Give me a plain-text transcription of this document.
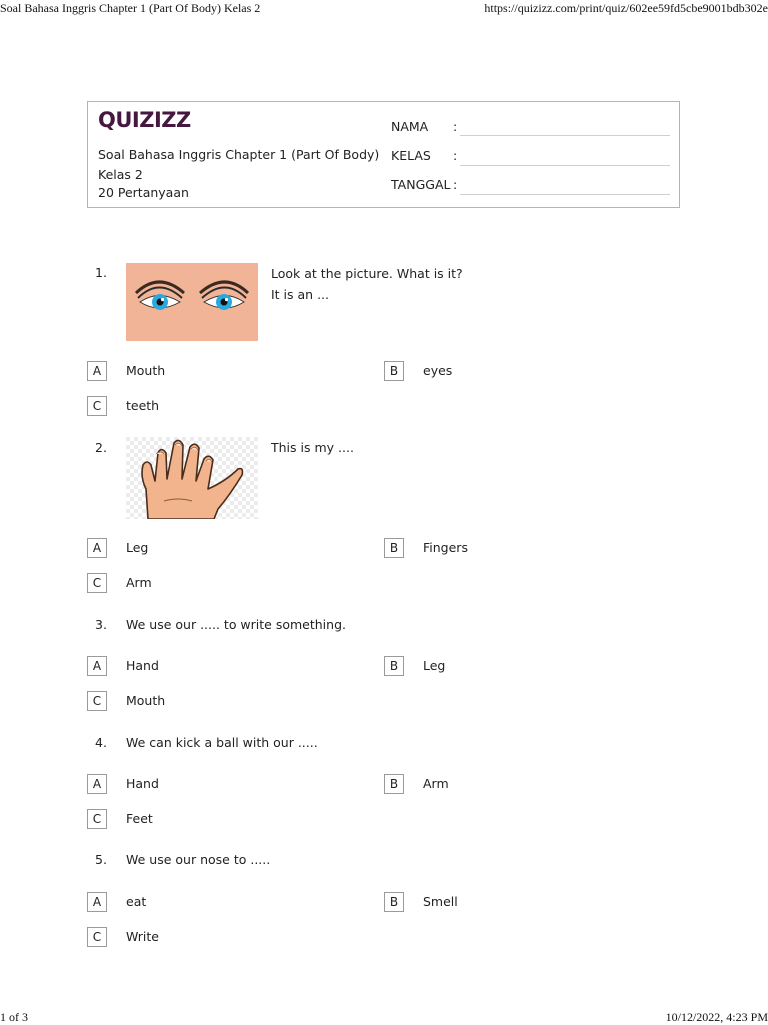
Soal Bahasa Inggris Chapter 1 (Part Of Body) Kelas 2	https://quizizz.com/print/quiz/602ee59fd5cbe9001bdb302e
1 of 3	10/12/2022, 4:23 PM
QUIZIZZ
Soal Bahasa Inggris Chapter 1 (Part Of Body)
Kelas 2
20 Pertanyaan
NAMA :
KELAS :
TANGGAL :
1.	Look at the picture. What is it?
It is an ...
A	Mouth	B	eyes
C	teeth
2.	This is my ....
A	Leg	B	Fingers
C	Arm
3. We use our ..... to write something.
A	Hand	B	Leg
C	Mouth
4. We can kick a ball with our .....
A	Hand	B	Arm
C	Feet
5. We use our nose to .....
A	eat	B	Smell
C	Write
